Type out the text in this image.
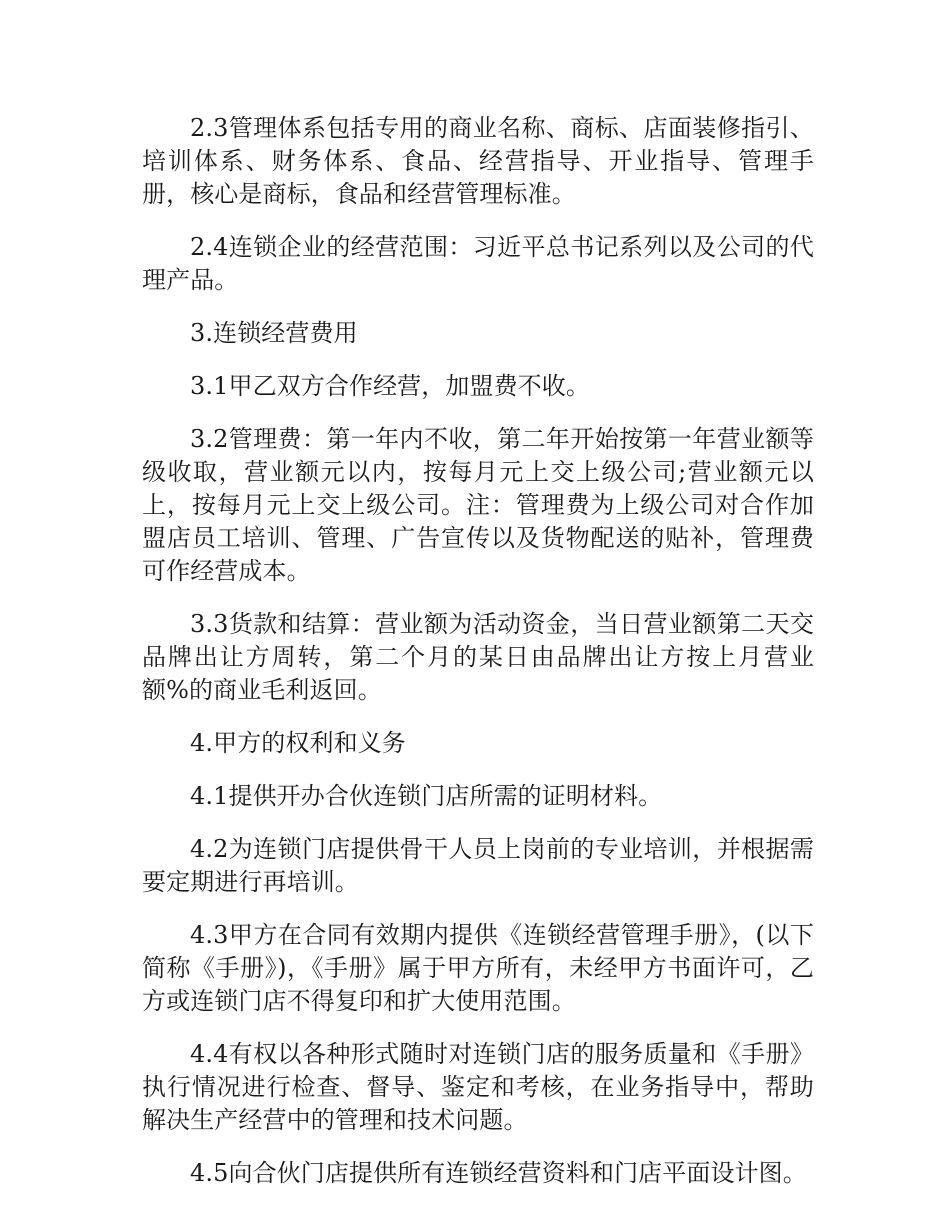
2.3管理体系包括专用的商业名称、商标、店面装修指引、培训体系、财务体系、食品、经营指导、开业指导、管理手册，核心是商标，食品和经营管理标准。

2.4连锁企业的经营范围：习近平总书记系列以及公司的代理产品。

3.连锁经营费用

3.1甲乙双方合作经营，加盟费不收。

3.2管理费：第一年内不收，第二年开始按第一年营业额等级收取，营业额元以内，按每月元上交上级公司;营业额元以上，按每月元上交上级公司。注：管理费为上级公司对合作加盟店员工培训、管理、广告宣传以及货物配送的贴补，管理费可作经营成本。

3.3货款和结算：营业额为活动资金，当日营业额第二天交品牌出让方周转，第二个月的某日由品牌出让方按上月营业额%的商业毛利返回。

4.甲方的权利和义务

4.1提供开办合伙连锁门店所需的证明材料。

4.2为连锁门店提供骨干人员上岗前的专业培训，并根据需要定期进行再培训。

4.3甲方在合同有效期内提供《连锁经营管理手册》，(以下简称《手册》)，《手册》属于甲方所有，未经甲方书面许可，乙方或连锁门店不得复印和扩大使用范围。

4.4有权以各种形式随时对连锁门店的服务质量和《手册》执行情况进行检查、督导、鉴定和考核，在业务指导中，帮助解决生产经营中的管理和技术问题。

4.5向合伙门店提供所有连锁经营资料和门店平面设计图。
